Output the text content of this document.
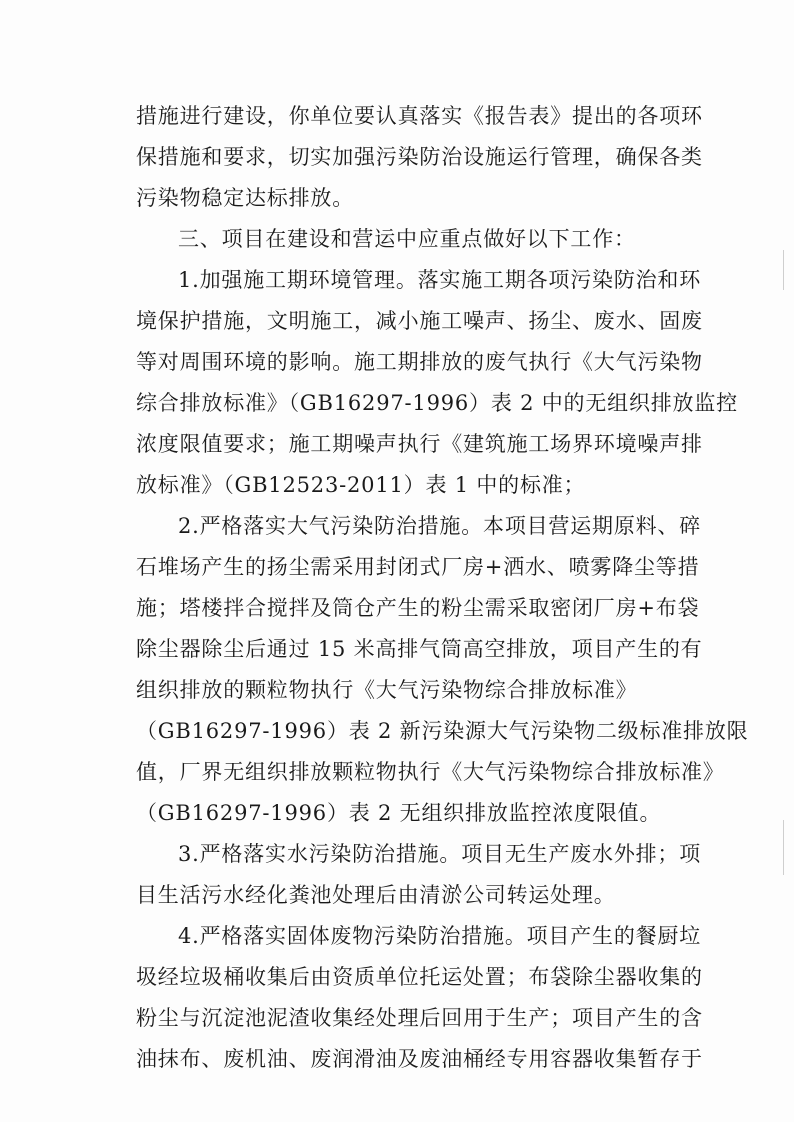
措施进行建设，你单位要认真落实《报告表》提出的各项环
保措施和要求，切实加强污染防治设施运行管理，确保各类
污染物稳定达标排放。
三、项目在建设和营运中应重点做好以下工作：
1.加强施工期环境管理。落实施工期各项污染防治和环
境保护措施，文明施工，减小施工噪声、扬尘、废水、固废
等对周围环境的影响。施工期排放的废气执行《大气污染物
综合排放标准》（GB16297-1996）表 2 中的无组织排放监控
浓度限值要求；施工期噪声执行《建筑施工场界环境噪声排
放标准》（GB12523-2011）表 1 中的标准；
2.严格落实大气污染防治措施。本项目营运期原料、碎
石堆场产生的扬尘需采用封闭式厂房+洒水、喷雾降尘等措
施；塔楼拌合搅拌及筒仓产生的粉尘需采取密闭厂房+布袋
除尘器除尘后通过 15 米高排气筒高空排放，项目产生的有
组织排放的颗粒物执行《大气污染物综合排放标准》
（GB16297-1996）表 2 新污染源大气污染物二级标准排放限
值，厂界无组织排放颗粒物执行《大气污染物综合排放标准》
（GB16297-1996）表 2 无组织排放监控浓度限值。
3.严格落实水污染防治措施。项目无生产废水外排；项
目生活污水经化粪池处理后由清淤公司转运处理。
4.严格落实固体废物污染防治措施。项目产生的餐厨垃
圾经垃圾桶收集后由资质单位托运处置；布袋除尘器收集的
粉尘与沉淀池泥渣收集经处理后回用于生产；项目产生的含
油抹布、废机油、废润滑油及废油桶经专用容器收集暂存于
